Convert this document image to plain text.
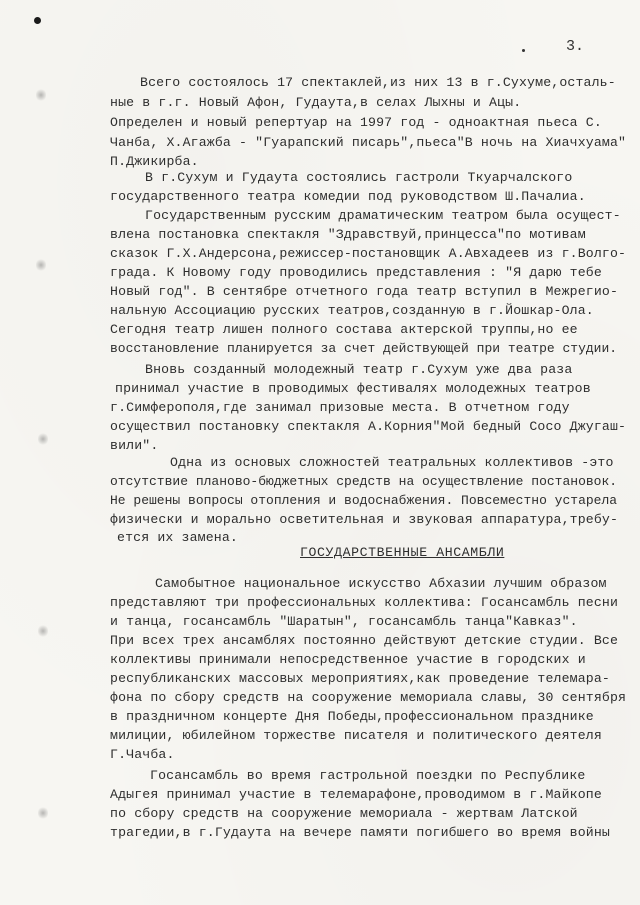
3.
Всего состоялось 17 спектаклей,из них 13 в г.Сухуме,осталь-
ные в г.г. Новый Афон, Гудаута,в селах Лыхны и Ацы.
Определен и новый репертуар на 1997 год - одноактная пьеса С.
Чанба, Х.Агажба - "Гуарапский писарь",пьеса"В ночь на Хиачхуама"
П.Джикирба.
В г.Сухум и Гудаута состоялись гастроли Ткуарчалского
государственного театра комедии под руководством Ш.Пачалиа.
Государственным русским драматическим театром была осущест-
влена постановка спектакля "Здравствуй,принцесса"по мотивам
сказок Г.Х.Андерсона,режиссер-постановщик А.Авхадеев из г.Волго-
града. К Новому году проводились представления : "Я дарю тебе
Новый год". В сентябре отчетного года театр вступил в Межрегио-
нальную Ассоциацию русских театров,созданную в г.Йошкар-Ола.
Сегодня театр лишен полного состава актерской труппы,но ее
восстановление планируется за счет действующей при театре студии.
Вновь созданный молодежный театр г.Сухум уже два раза
принимал участие в проводимых фестивалях молодежных театров
г.Симферополя,где занимал призовые места. В отчетном году
осуществил постановку спектакля А.Корния"Мой бедный Сосо Джугаш-
вили".
Одна из основых сложностей театральных коллективов -это
отсутствие планово-бюджетных средств на осуществление постановок.
Не решены вопросы отопления и водоснабжения. Повсеместно устарела
физически и морально осветительная и звуковая аппаратура,требу-
ется их замена.
ГОСУДАРСТВЕННЫЕ АНСАМБЛИ
Самобытное национальное искусство Абхазии лучшим образом
представляют три профессиональных коллектива: Госансамбль песни
и танца, госансамбль "Шаратын", госансамбль танца"Кавказ".
При всех трех ансамблях постоянно действуют детские студии. Все
коллективы принимали непосредственное участие в городских и
республиканских массовых мероприятиях,как проведение телемара-
фона по сбору средств на сооружение мемориала славы, 30 сентября
в праздничном концерте Дня Победы,профессиональном празднике
милиции, юбилейном торжестве писателя и политического деятеля
Г.Чачба.
Госансамбль во время гастрольной поездки по Республике
Адыгея принимал участие в телемарафоне,проводимом в г.Майкопе
по сбору средств на сооружение мемориала - жертвам Латской
трагедии,в г.Гудаута на вечере памяти погибшего во время войны
